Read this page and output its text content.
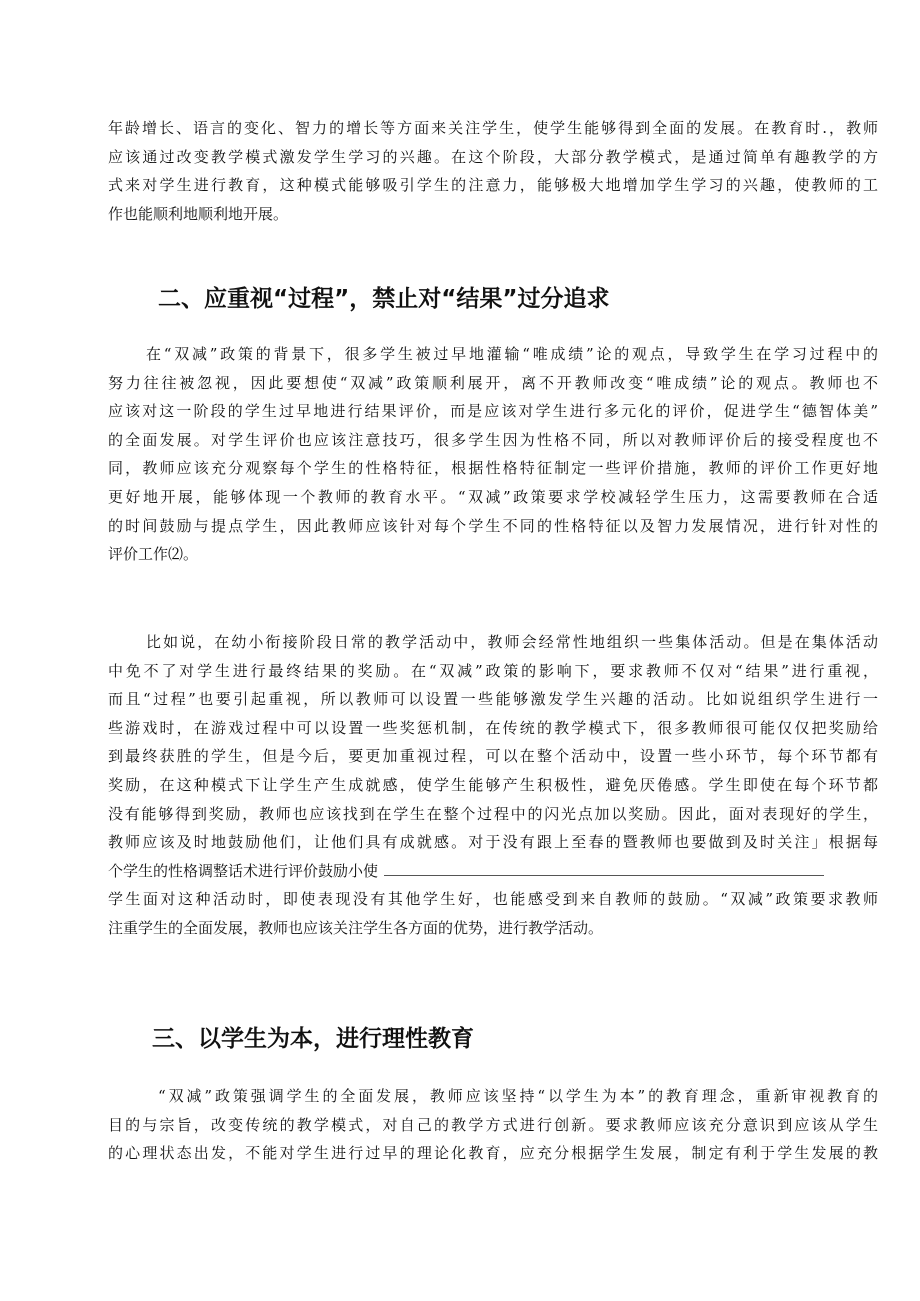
年龄增长、语言的变化、智力的增长等方面来关注学生，使学生能够得到全面的发展。在教育时.，教师
应该通过改变教学模式激发学生学习的兴趣。在这个阶段，大部分教学模式，是通过简单有趣教学的方
式来对学生进行教育，这种模式能够吸引学生的注意力，能够极大地增加学生学习的兴趣，使教师的工
作也能顺利地顺利地开展。
二、应重视“过程”，禁止对“结果”过分追求
在“双减”政策的背景下，很多学生被过早地灌输“唯成绩”论的观点，导致学生在学习过程中的
努力往往被忽视，因此要想使“双减”政策顺利展开，离不开教师改变“唯成绩”论的观点。教师也不
应该对这一阶段的学生过早地进行结果评价，而是应该对学生进行多元化的评价，促进学生“德智体美”
的全面发展。对学生评价也应该注意技巧，很多学生因为性格不同，所以对教师评价后的接受程度也不
同，教师应该充分观察每个学生的性格特征，根据性格特征制定一些评价措施，教师的评价工作更好地
更好地开展，能够体现一个教师的教育水平。“双减”政策要求学校减轻学生压力，这需要教师在合适
的时间鼓励与提点学生，因此教师应该针对每个学生不同的性格特征以及智力发展情况，进行针对性的
评价工作⑵。
比如说，在幼小衔接阶段日常的教学活动中，教师会经常性地组织一些集体活动。但是在集体活动
中免不了对学生进行最终结果的奖励。在“双减”政策的影响下，要求教师不仅对“结果”进行重视，
而且“过程”也要引起重视，所以教师可以设置一些能够激发学生兴趣的活动。比如说组织学生进行一
些游戏时，在游戏过程中可以设置一些奖惩机制，在传统的教学模式下，很多教师很可能仅仅把奖励给
到最终获胜的学生，但是今后，要更加重视过程，可以在整个活动中，设置一些小环节，每个环节都有
奖励，在这种模式下让学生产生成就感，使学生能够产生积极性，避免厌倦感。学生即使在每个环节都
没有能够得到奖励，教师也应该找到在学生在整个过程中的闪光点加以奖励。因此，面对表现好的学生，
教师应该及时地鼓励他们，让他们具有成就感。对于没有跟上至春的暨教师也要做到及时关注」根据每
个学生的性格调整话术进行评价鼓励小使
学生面对这种活动时，即使表现没有其他学生好，也能感受到来自教师的鼓励。“双减”政策要求教师
注重学生的全面发展，教师也应该关注学生各方面的优势，进行教学活动。
三、以学生为本，进行理性教育
“双减”政策强调学生的全面发展，教师应该坚持“以学生为本”的教育理念，重新审视教育的
目的与宗旨，改变传统的教学模式，对自己的教学方式进行创新。要求教师应该充分意识到应该从学生
的心理状态出发，不能对学生进行过早的理论化教育，应充分根据学生发展，制定有利于学生发展的教
